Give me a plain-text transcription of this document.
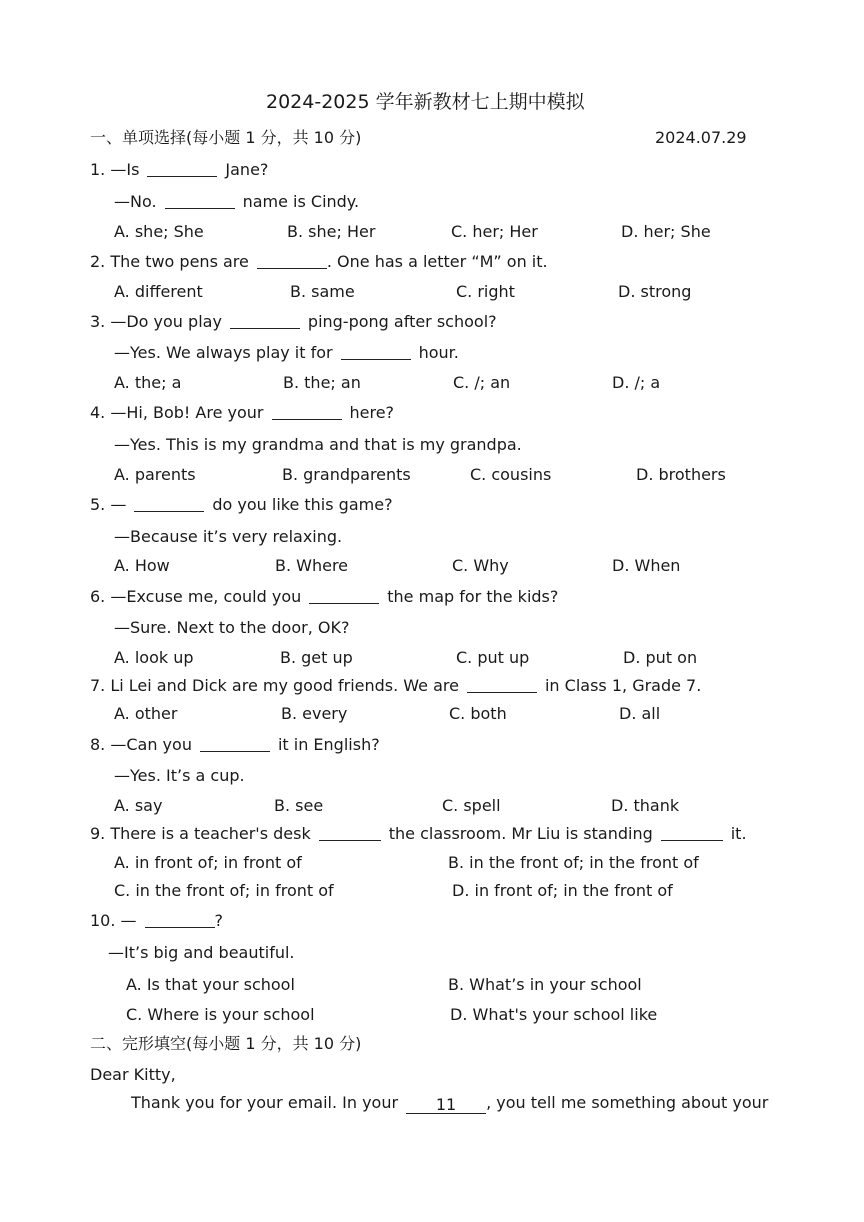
2024-2025 学年新教材七上期中模拟
一、单项选择(每小题 1 分，共 10 分)	2024.07.29
1. —Is	Jane?
—No.	name is Cindy.
A. she; She	B. she; Her	C. her; Her	D. her; She
2. The two pens are	. One has a letter “M” on it.
A. different	B. same	C. right	D. strong
3. —Do you play	ping-pong after school?
—Yes. We always play it for	hour.
A. the; a	B. the; an	C. /; an	D. /; a
4. —Hi, Bob! Are your	here?
—Yes. This is my grandma and that is my grandpa.
A. parents	B. grandparents	C. cousins	D. brothers
5. —	do you like this game?
—Because it’s very relaxing.
A. How	B. Where	C. Why	D. When
6. —Excuse me, could you	the map for the kids?
—Sure. Next to the door, OK?
A. look up	B. get up	C. put up	D. put on
7. Li Lei and Dick are my good friends. We are	in Class 1, Grade 7.
A. other	B. every	C. both	D. all
8. —Can you	it in English?
—Yes. It’s a cup.
A. say	B. see	C. spell	D. thank
9. There is a teacher's desk	the classroom. Mr Liu is standing	it.
A. in front of; in front of	B. in the front of; in the front of
C. in the front of; in front of	D. in front of; in the front of
10. —	?
—It’s big and beautiful.
A. Is that your school	B. What’s in your school
C. Where is your school	D. What's your school like
二、完形填空(每小题 1 分，共 10 分)
Dear Kitty,
Thank you for your email. In your 11 , you tell me something about your
